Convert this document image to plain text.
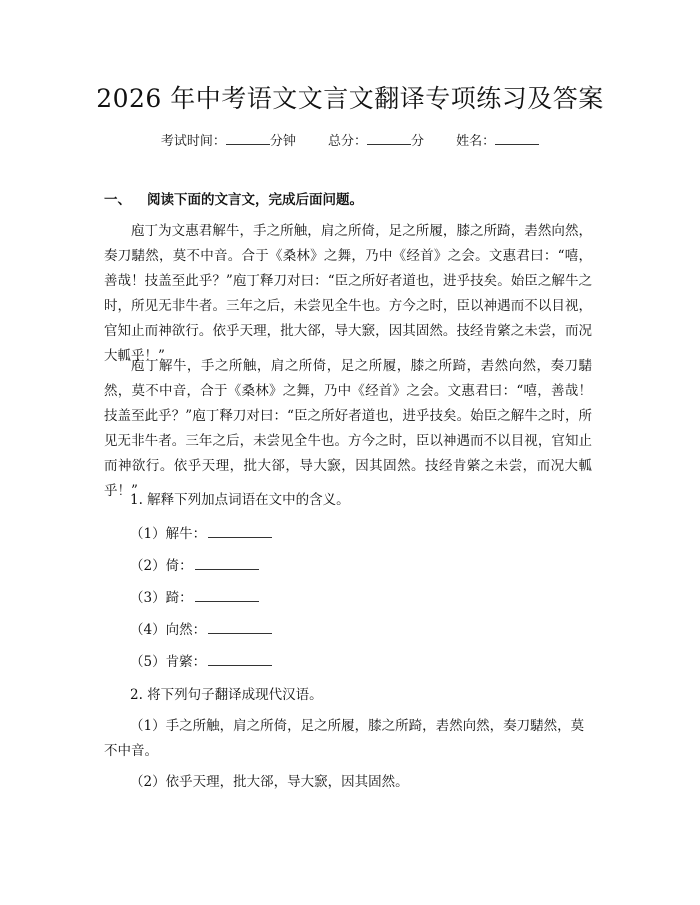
2026 年中考语文文言文翻译专项练习及答案
考试时间：	分钟 总分：	分 姓名：
一、 阅读下面的文言文，完成后面问题。
庖丁为文惠君解牛，手之所触，肩之所倚，足之所履，膝之所踦，砉然向然，奏刀騞然，莫不中音。合于《桑林》之舞，乃中《经首》之会。文惠君曰：“嘻，善哉！技盖至此乎？”庖丁释刀对曰：“臣之所好者道也，进乎技矣。始臣之解牛之时，所见无非牛者。三年之后，未尝见全牛也。方今之时，臣以神遇而不以目视，官知止而神欲行。依乎天理，批大郤，导大窾，因其固然。技经肯綮之未尝，而况大軱乎！”
庖丁解牛，手之所触，肩之所倚，足之所履，膝之所踦，砉然向然，奏刀騞然，莫不中音，合于《桑林》之舞，乃中《经首》之会。文惠君曰：“嘻，善哉！技盖至此乎？”庖丁释刀对曰：“臣之所好者道也，进乎技矣。始臣之解牛之时，所见无非牛者。三年之后，未尝见全牛也。方今之时，臣以神遇而不以目视，官知止而神欲行。依乎天理，批大郤，导大窾，因其固然。技经肯綮之未尝，而况大軱乎！”
1. 解释下列加点词语在文中的含义。
（1）解牛：
（2）倚：
（3）踦：
（4）向然：
（5）肯綮：
2. 将下列句子翻译成现代汉语。
（1）手之所触，肩之所倚，足之所履，膝之所踦，砉然向然，奏刀騞然，莫不中音。
（2）依乎天理，批大郤，导大窾，因其固然。
